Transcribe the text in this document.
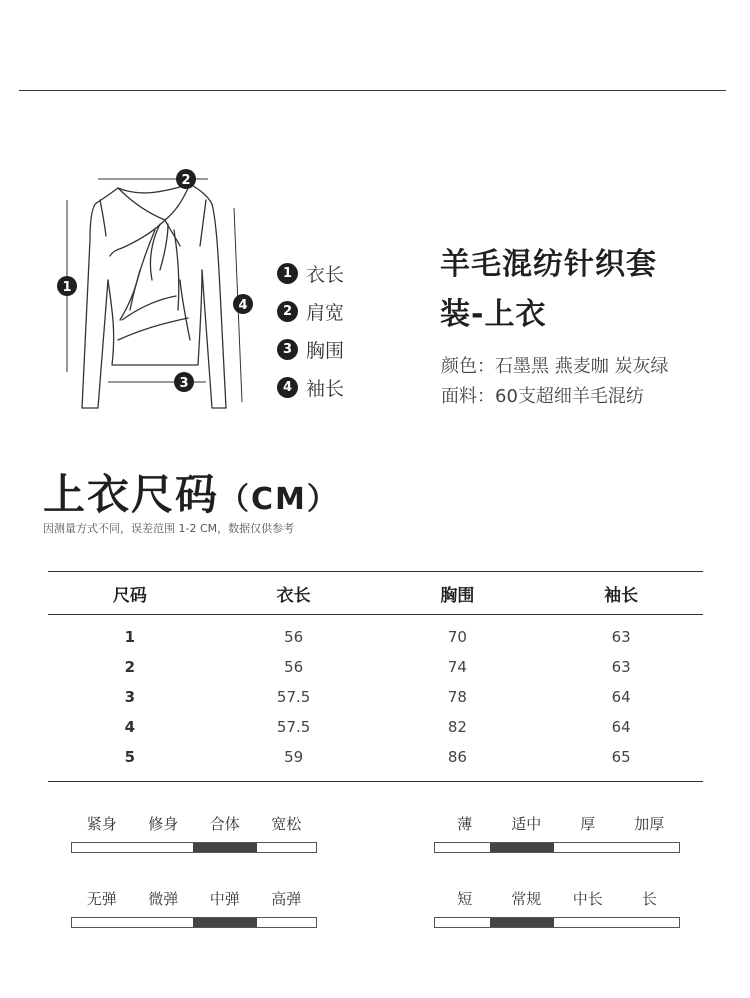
2
1
4
3
1 衣长
2 肩宽
3 胸围
4 袖长
羊毛混纺针织套装-上衣
颜色：石墨黑 燕麦咖 炭灰绿
面料：60支超细羊毛混纺
上衣尺码（CM）
因测量方式不同，误差范围 1-2 CM，数据仅供参考
尺码	衣长	胸围	袖长
1	56	70	63
2	56	74	63
3	57.5	78	64
4	57.5	82	64
5	59	86	65
紧身	修身	合体	宽松	薄	适中	厚	加厚
无弹	微弹	中弹	高弹	短	常规	中长	长
